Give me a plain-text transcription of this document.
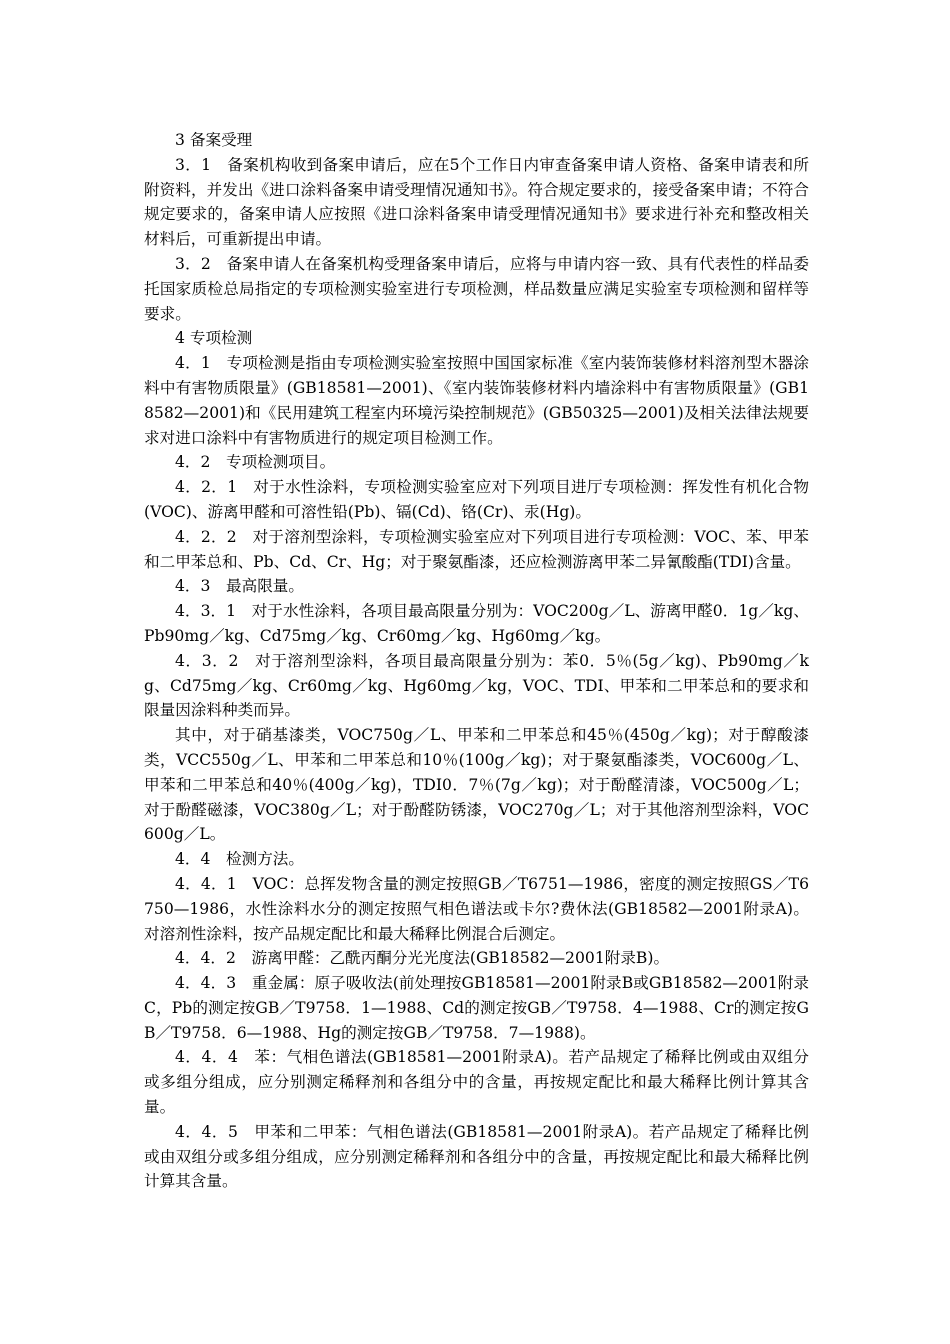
3 备案受理

3．1　备案机构收到备案申请后，应在5个工作日内审查备案申请人资格、备案申请表和所附资料，并发出《进口涂料备案申请受理情况通知书》。符合规定要求的，接受备案申请；不符合规定要求的，备案申请人应按照《进口涂料备案申请受理情况通知书》要求进行补充和整改相关材料后，可重新提出申请。

3．2　备案申请人在备案机构受理备案申请后，应将与申请内容一致、具有代表性的样品委托国家质检总局指定的专项检测实验室进行专项检测，样品数量应满足实验室专项检测和留样等要求。

4 专项检测

4．1　专项检测是指由专项检测实验室按照中国国家标准《室内装饰装修材料溶剂型木器涂料中有害物质限量》(GB18581—2001)、《室内装饰装修材料内墙涂料中有害物质限量》(GB18582—2001)和《民用建筑工程室内环境污染控制规范》(GB50325—2001)及相关法律法规要求对进口涂料中有害物质进行的规定项目检测工作。

4．2　专项检测项目。

4．2．1　对于水性涂料，专项检测实验室应对下列项目进厅专项检测：挥发性有机化合物(VOC)、游离甲醛和可溶性铅(Pb)、镉(Cd)、铬(Cr)、汞(Hg)。

4．2．2　对于溶剂型涂料，专项检测实验室应对下列项目进行专项检测：VOC、苯、甲苯和二甲苯总和、Pb、Cd、Cr、Hg；对于聚氨酯漆，还应检测游离甲苯二异氰酸酯(TDI)含量。

4．3　最高限量。

4．3．1　对于水性涂料，各项目最高限量分别为：VOC200g／L、游离甲醛0．1g／kg、Pb90mg／kg、Cd75mg／kg、Cr60mg／kg、Hg60mg／kg。

4．3．2　对于溶剂型涂料，各项目最高限量分别为：苯0．5％(5g／kg)、Pb90mg／kg、Cd75mg／kg、Cr60mg／kg、Hg60mg／kg，VOC、TDI、甲苯和二甲苯总和的要求和限量因涂料种类而异。

其中，对于硝基漆类，VOC750g／L、甲苯和二甲苯总和45％(450g／kg)；对于醇酸漆类，VCC550g／L、甲苯和二甲苯总和10％(100g／kg)；对于聚氨酯漆类，VOC600g／L、甲苯和二甲苯总和40％(400g／kg)，TDI0．7％(7g／kg)；对于酚醛清漆，VOC500g／L；对于酚醛磁漆，VOC380g／L；对于酚醛防锈漆，VOC270g／L；对于其他溶剂型涂料，VOC600g／L。

4．4　检测方法。

4．4．1　VOC：总挥发物含量的测定按照GB／T6751—1986，密度的测定按照GS／T6750—1986，水性涂料水分的测定按照气相色谱法或卡尔?费休法(GB18582—2001附录A)。对溶剂性涂料，按产品规定配比和最大稀释比例混合后测定。

4．4．2　游离甲醛：乙酰丙酮分光光度法(GB18582—2001附录B)。

4．4．3　重金属：原子吸收法(前处理按GB18581—2001附录B或GB18582—2001附录C，Pb的测定按GB／T9758．1—1988、Cd的测定按GB／T9758．4—1988、Cr的测定按GB／T9758．6—1988、Hg的测定按GB／T9758．7—1988)。

4．4．4　苯：气相色谱法(GB18581—2001附录A)。若产品规定了稀释比例或由双组分或多组分组成，应分别测定稀释剂和各组分中的含量，再按规定配比和最大稀释比例计算其含量。

4．4．5　甲苯和二甲苯：气相色谱法(GB18581—2001附录A)。若产品规定了稀释比例或由双组分或多组分组成，应分别测定稀释剂和各组分中的含量，再按规定配比和最大稀释比例计算其含量。
